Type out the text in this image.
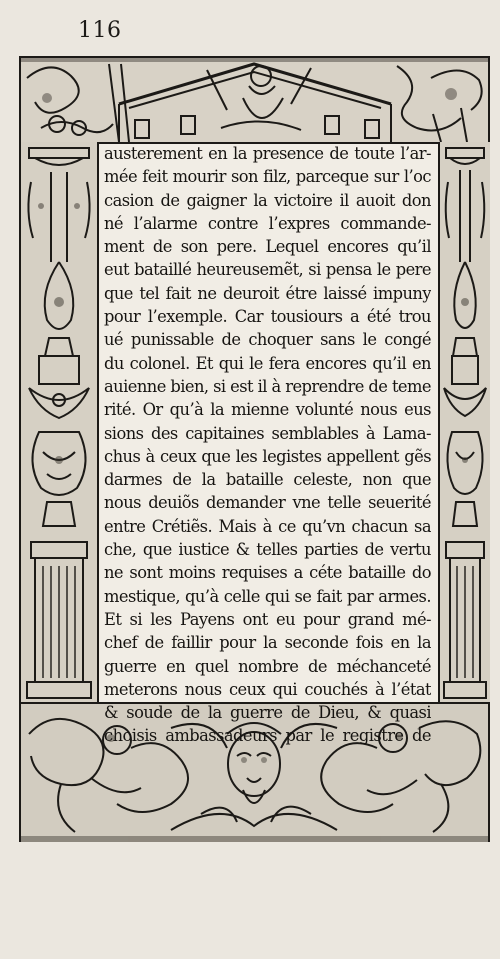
116
austerement en la presence de toute l’ar-
mée feit mourir son filz, parceque sur l’oc
casion de gaigner la victoire il auoit don
né l’alarme contre l’expres commande-
ment de son pere. Lequel encores qu’il
eut bataillé heureusemẽt, si pensa le pere
que tel fait ne deuroit étre laissé impuny
pour l’exemple. Car tousiours a été trou
ué punissable de choquer sans le congé
du colonel. Et qui le fera encores qu’il en
auienne bien, si est il à reprendre de teme
rité. Or qu’à la mienne volunté nous eus
sions des capitaines semblables à Lama-
chus à ceux que les legistes appellent gẽs
darmes de la bataille celeste, non que
nous deuiõs demander vne telle seuerité
entre Crétiẽs. Mais à ce qu’vn chacun sa
che, que iustice & telles parties de vertu
ne sont moins requises a céte bataille do
mestique, qu’à celle qui se fait par armes.
Et si les Payens ont eu pour grand mé-
chef de faillir pour la seconde fois en la
guerre en quel nombre de méchanceté
meterons nous ceux qui couchés à l’état
& soude de la guerre de Dieu, & quasi
choisis ambassadeurs par le registre de
